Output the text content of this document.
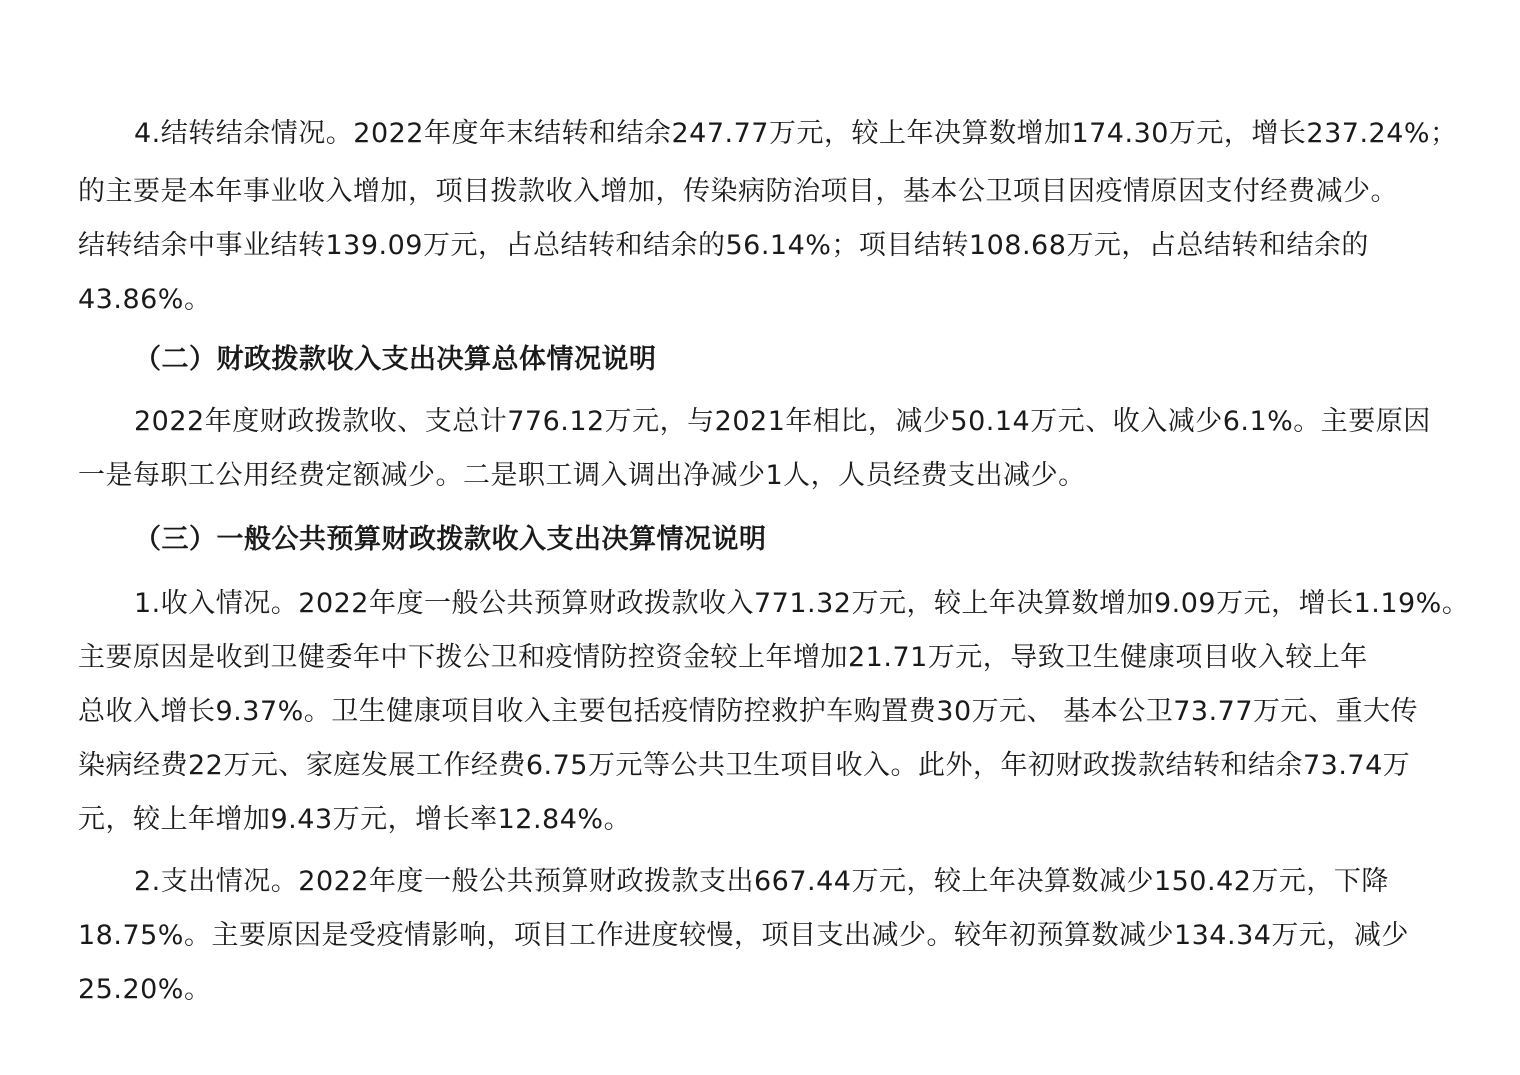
4.结转结余情况。2022年度年末结转和结余247.77万元，较上年决算数增加174.30万元，增长237.24%；
的主要是本年事业收入增加，项目拨款收入增加，传染病防治项目，基本公卫项目因疫情原因支付经费减少。
结转结余中事业结转139.09万元，占总结转和结余的56.14%；项目结转108.68万元，占总结转和结余的
43.86%。
（二）财政拨款收入支出决算总体情况说明
2022年度财政拨款收、支总计776.12万元，与2021年相比，减少50.14万元、收入减少6.1%。主要原因
一是每职工公用经费定额减少。二是职工调入调出净减少1人，人员经费支出减少。
（三）一般公共预算财政拨款收入支出决算情况说明
1.收入情况。2022年度一般公共预算财政拨款收入771.32万元，较上年决算数增加9.09万元，增长1.19%。
主要原因是收到卫健委年中下拨公卫和疫情防控资金较上年增加21.71万元，导致卫生健康项目收入较上年
总收入增长9.37%。卫生健康项目收入主要包括疫情防控救护车购置费30万元、 基本公卫73.77万元、重大传
染病经费22万元、家庭发展工作经费6.75万元等公共卫生项目收入。此外，年初财政拨款结转和结余73.74万
元，较上年增加9.43万元，增长率12.84%。
2.支出情况。2022年度一般公共预算财政拨款支出667.44万元，较上年决算数减少150.42万元，下降
18.75%。主要原因是受疫情影响，项目工作进度较慢，项目支出减少。较年初预算数减少134.34万元，减少
25.20%。
